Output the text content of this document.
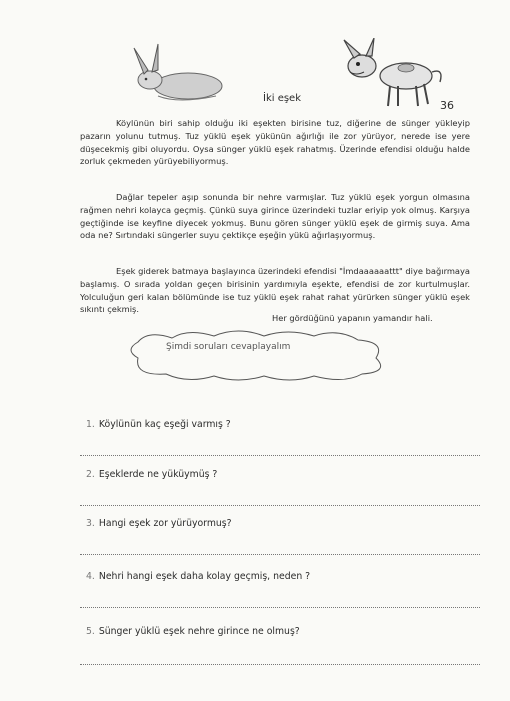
İki eşek
36

Köylünün biri sahip olduğu iki eşekten birisine tuz, diğerine de sünger yükleyip pazarın yolunu tutmuş. Tuz yüklü eşek yükünün ağırlığı ile zor yürüyor, nerede ise yere düşecekmiş gibi oluyordu. Oysa sünger yüklü eşek rahatmış. Üzerinde efendisi olduğu halde zorluk çekmeden yürüyebiliyormuş.

Dağlar tepeler aşıp sonunda bir nehre varmışlar. Tuz yüklü eşek yorgun olmasına rağmen nehri kolayca geçmiş. Çünkü suya girince üzerindeki tuzlar eriyip yok olmuş. Karşıya geçtiğinde ise keyfine diyecek yokmuş. Bunu gören sünger yüklü eşek de girmiş suya. Ama oda ne? Sırtındaki süngerler suyu çektikçe eşeğin yükü ağırlaşıyormuş.

Eşek giderek batmaya başlayınca üzerindeki efendisi "İmdaaaaaattt" diye bağırmaya başlamış. O sırada yoldan geçen birisinin yardımıyla eşekte, efendisi de zor kurtulmuşlar. Yolculuğun geri kalan bölümünde ise tuz yüklü eşek rahat rahat yürürken sünger yüklü eşek sıkıntı çekmiş.

Her gördüğünü yapanın yamandır hali.
Şimdi soruları cevaplayalım
1. Köylünün kaç eşeği varmış ?
2. Eşeklerde ne yüküymüş ?
3. Hangi eşek zor yürüyormuş?
4. Nehri hangi eşek daha kolay geçmiş, neden ?
5. Sünger yüklü eşek nehre girince ne olmuş?
